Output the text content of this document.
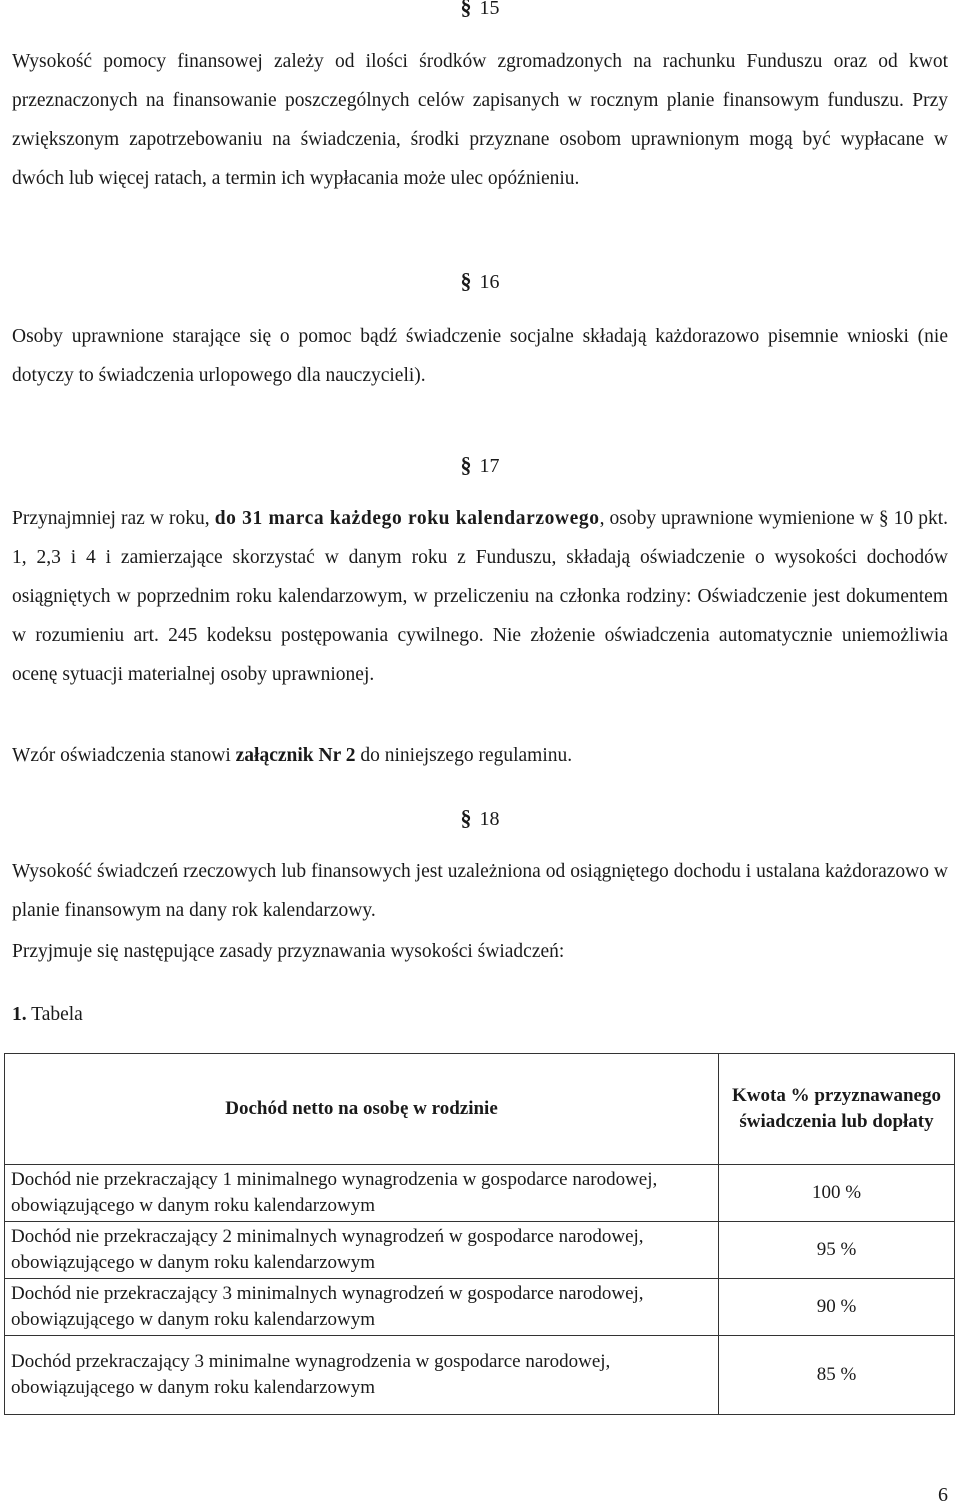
§ 15

Wysokość pomocy finansowej zależy od ilości środków zgromadzonych na rachunku Funduszu oraz od kwot przeznaczonych na finansowanie poszczególnych celów zapisanych w rocznym planie finansowym funduszu. Przy zwiększonym zapotrzebowaniu na świadczenia, środki przyznane osobom uprawnionym mogą być wypłacane w dwóch lub więcej ratach, a termin ich wypłacania może ulec opóźnieniu.

§ 16

Osoby uprawnione starające się o pomoc bądź świadczenie socjalne składają każdorazowo pisemnie wnioski (nie dotyczy to świadczenia urlopowego dla nauczycieli).

§ 17

Przynajmniej raz w roku, do 31 marca każdego roku kalendarzowego, osoby uprawnione wymienione w § 10 pkt. 1, 2,3 i 4 i zamierzające skorzystać w danym roku z Funduszu, składają oświadczenie o wysokości dochodów osiągniętych w poprzednim roku kalendarzowym, w przeliczeniu na członka rodziny: Oświadczenie jest dokumentem w rozumieniu art. 245 kodeksu postępowania cywilnego. Nie złożenie oświadczenia automatycznie uniemożliwia ocenę sytuacji materialnej osoby uprawnionej.

Wzór oświadczenia stanowi załącznik Nr 2 do niniejszego regulaminu.

§ 18

Wysokość świadczeń rzeczowych lub finansowych jest uzależniona od osiągniętego dochodu i ustalana każdorazowo w planie finansowym na dany rok kalendarzowy.

Przyjmuje się następujące zasady przyznawania wysokości świadczeń:

1. Tabela

Dochód netto na osobę w rodzinie	Kwota % przyznawanego świadczenia lub dopłaty
Dochód nie przekraczający 1 minimalnego wynagrodzenia w gospodarce narodowej, obowiązującego w danym roku kalendarzowym	100 %
Dochód nie przekraczający 2 minimalnych wynagrodzeń w gospodarce narodowej, obowiązującego w danym roku kalendarzowym	95 %
Dochód nie przekraczający 3 minimalnych wynagrodzeń w gospodarce narodowej, obowiązującego w danym roku kalendarzowym	90 %
Dochód przekraczający 3 minimalne wynagrodzenia w gospodarce narodowej, obowiązującego w danym roku kalendarzowym	85 %

6
